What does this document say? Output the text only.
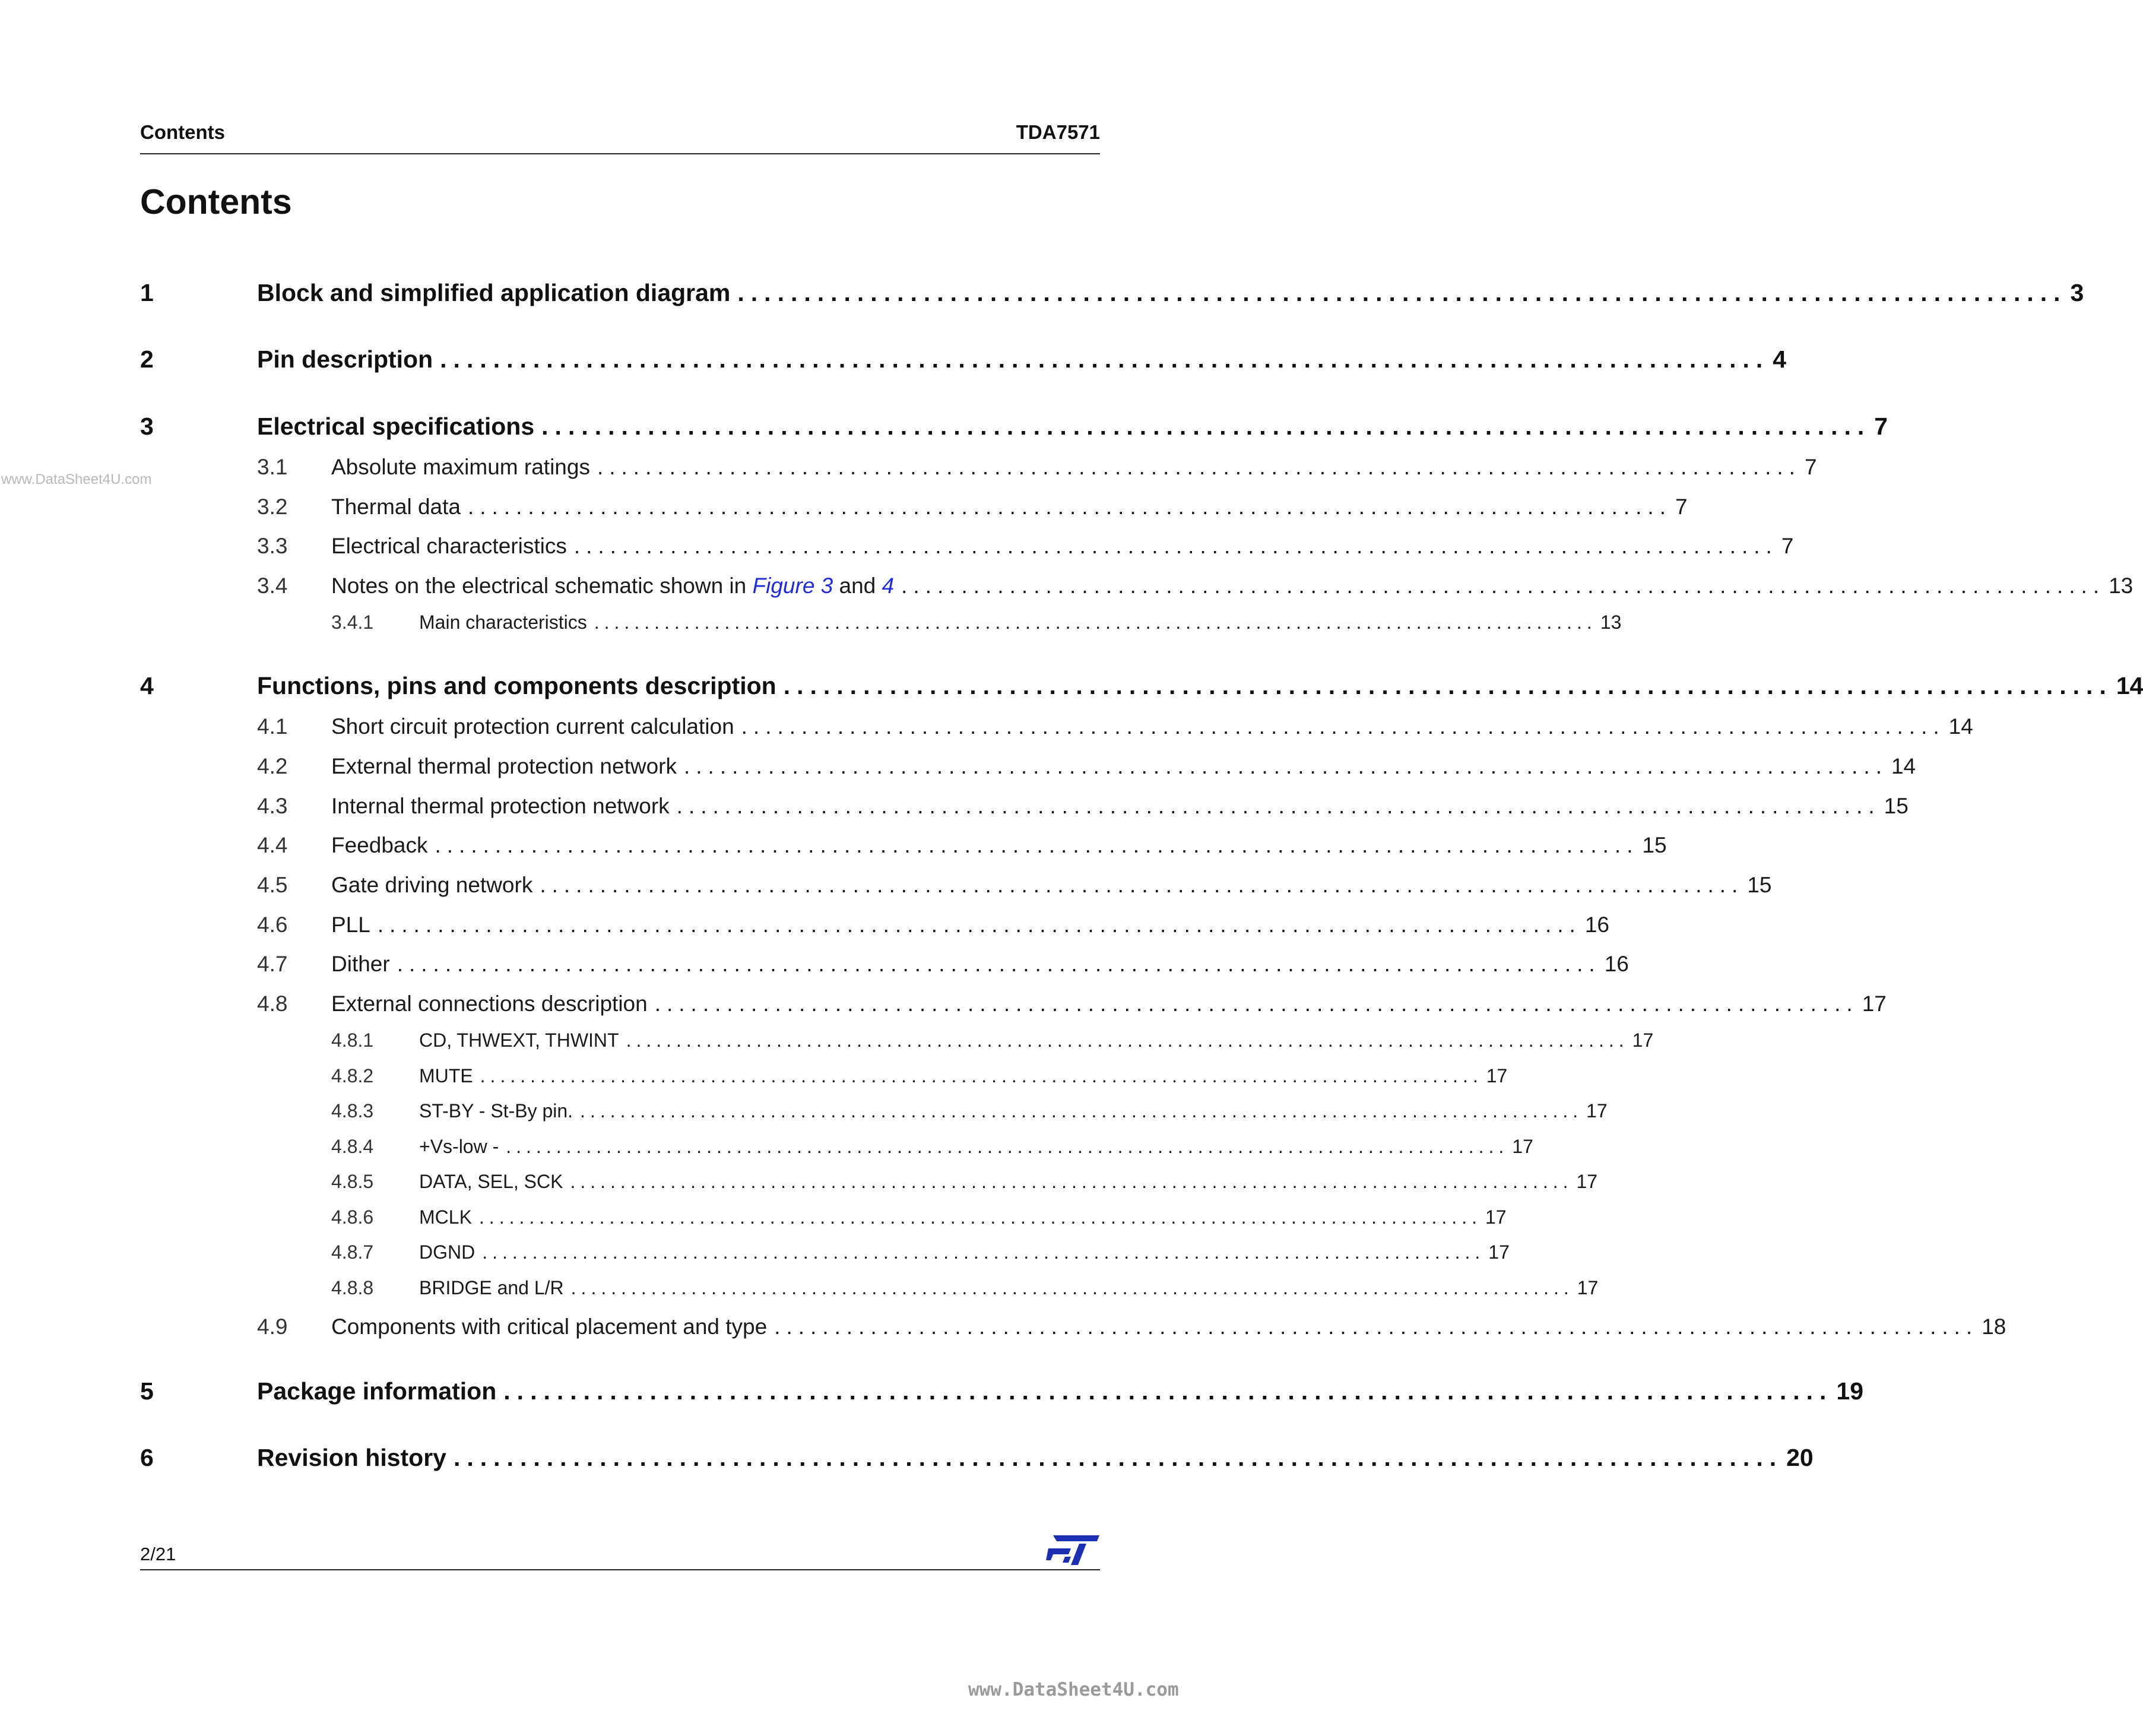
Contents	TDA7571
Contents
www.DataSheet4U.com
1	Block and simplified application diagram .................................................................................................... 3
2	Pin description .................................................................................................... 4
3	Electrical specifications .................................................................................................... 7
3.1 Absolute maximum ratings .................................................................................................... 7
3.2 Thermal data .................................................................................................... 7
3.3 Electrical characteristics .................................................................................................... 7
3.4 Notes on the electrical schematic shown in Figure 3 and 4 .................................................................................................... 13
3.4.1 Main characteristics .................................................................................................... 13
4	Functions, pins and components description .................................................................................................... 14
4.1 Short circuit protection current calculation .................................................................................................... 14
4.2 External thermal protection network .................................................................................................... 14
4.3 Internal thermal protection network .................................................................................................... 15
4.4 Feedback .................................................................................................... 15
4.5 Gate driving network .................................................................................................... 15
4.6 PLL .................................................................................................... 16
4.7 Dither .................................................................................................... 16
4.8 External connections description .................................................................................................... 17
4.8.1 CD, THWEXT, THWINT .................................................................................................... 17
4.8.2 MUTE .................................................................................................... 17
4.8.3 ST-BY - St-By pin. .................................................................................................... 17
4.8.4 +Vs-low - .................................................................................................... 17
4.8.5 DATA, SEL, SCK .................................................................................................... 17
4.8.6 MCLK .................................................................................................... 17
4.8.7 DGND .................................................................................................... 17
4.8.8 BRIDGE and L/R .................................................................................................... 17
4.9 Components with critical placement and type .................................................................................................... 18
5	Package information .................................................................................................... 19
6	Revision history .................................................................................................... 20
2/21
www.DataSheet4U.com
